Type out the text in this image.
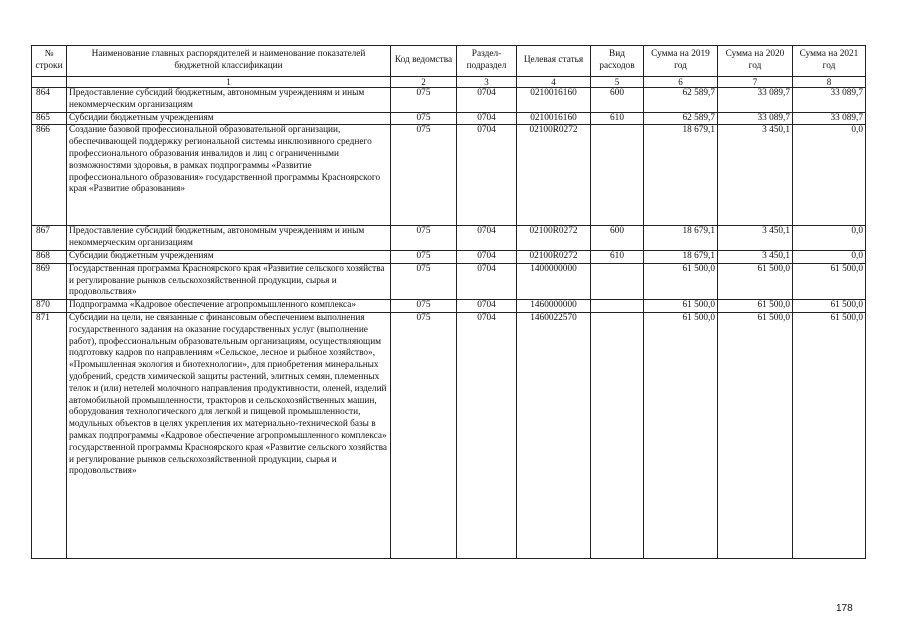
№ строки	Наименование главных распорядителей и наименование показателей бюджетной классификации	Код ведомства	Раздел-подраздел	Целевая статья	Вид расходов	Сумма на 2019 год	Сумма на 2020 год	Сумма на 2021 год
	1	2	3	4	5	6	7	8
864	Предоставление субсидий бюджетным, автономным учреждениям и иным некоммерческим организациям	075	0704	0210016160	600	62 589,7	33 089,7	33 089,7
865	Субсидии бюджетным учреждениям	075	0704	0210016160	610	62 589,7	33 089,7	33 089,7
866	Создание базовой профессиональной образовательной организации, обеспечивающей поддержку региональной системы инклюзивного среднего профессионального образования инвалидов и лиц с ограниченными возможностями здоровья, в рамках подпрограммы «Развитие профессионального образования» государственной программы Красноярского края «Развитие образования»	075	0704	02100R0272		18 679,1	3 450,1	0,0
867	Предоставление субсидий бюджетным, автономным учреждениям и иным некоммерческим организациям	075	0704	02100R0272	600	18 679,1	3 450,1	0,0
868	Субсидии бюджетным учреждениям	075	0704	02100R0272	610	18 679,1	3 450,1	0,0
869	Государственная программа Красноярского края «Развитие сельского хозяйства и регулирование рынков сельскохозяйственной продукции, сырья и продовольствия»	075	0704	1400000000		61 500,0	61 500,0	61 500,0
870	Подпрограмма «Кадровое обеспечение агропромышленного комплекса»	075	0704	1460000000		61 500,0	61 500,0	61 500,0
871	Субсидии на цели, не связанные с финансовым обеспечением выполнения государственного задания на оказание государственных услуг (выполнение работ), профессиональным образовательным организациям, осуществляющим подготовку кадров по направлениям «Сельское, лесное и рыбное хозяйство», «Промышленная экология и биотехнологии», для приобретения минеральных удобрений, средств химической защиты растений, элитных семян, племенных телок и (или) нетелей молочного направления продуктивности, оленей, изделий автомобильной промышленности, тракторов и сельскохозяйственных машин, оборудования технологического для легкой и пищевой промышленности, модульных объектов в целях укрепления их материально-технической базы в рамках подпрограммы «Кадровое обеспечение агропромышленного комплекса» государственной программы Красноярского края «Развитие сельского хозяйства и регулирование рынков сельскохозяйственной продукции, сырья и продовольствия»	075	0704	1460022570		61 500,0	61 500,0	61 500,0
178
